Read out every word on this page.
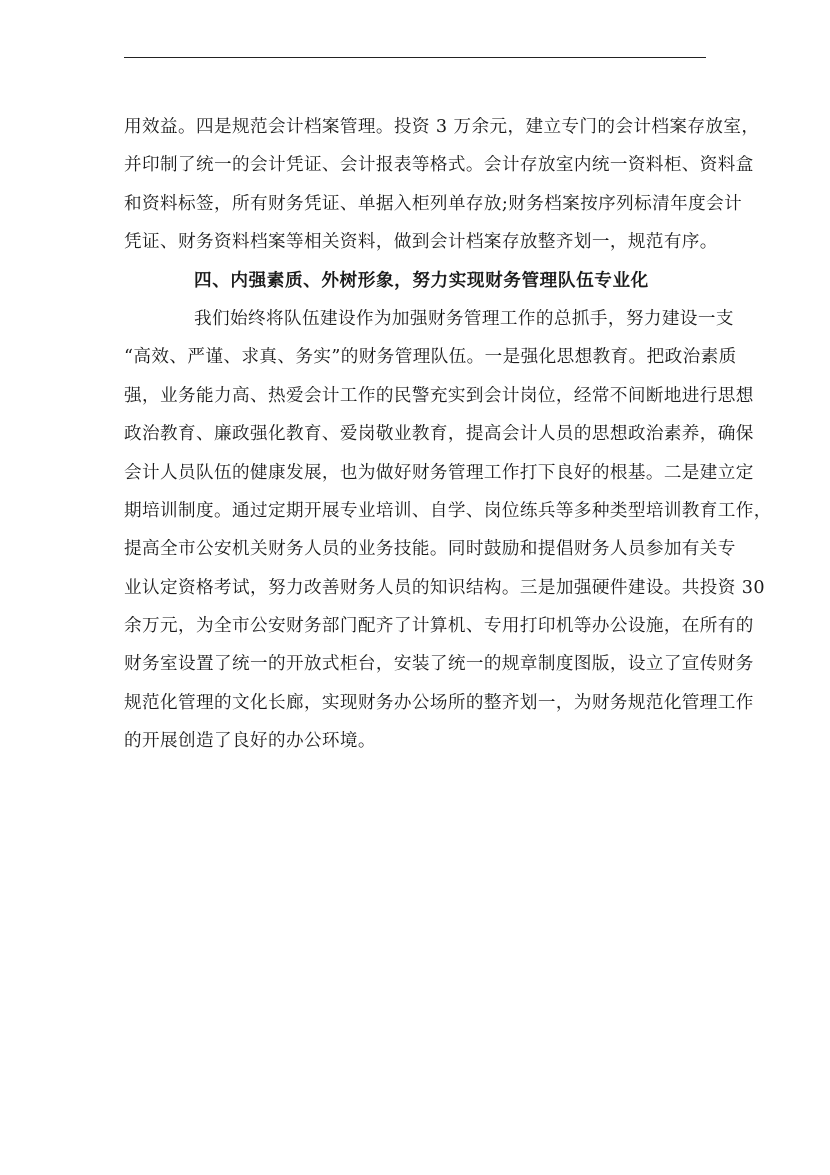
用效益。四是规范会计档案管理。投资 3 万余元，建立专门的会计档案存放室，
并印制了统一的会计凭证、会计报表等格式。会计存放室内统一资料柜、资料盒
和资料标签，所有财务凭证、单据入柜列单存放;财务档案按序列标清年度会计
凭证、财务资料档案等相关资料，做到会计档案存放整齐划一，规范有序。
四、内强素质、外树形象，努力实现财务管理队伍专业化
我们始终将队伍建设作为加强财务管理工作的总抓手，努力建设一支
“高效、严谨、求真、务实”的财务管理队伍。一是强化思想教育。把政治素质
强，业务能力高、热爱会计工作的民警充实到会计岗位，经常不间断地进行思想
政治教育、廉政强化教育、爱岗敬业教育，提高会计人员的思想政治素养，确保
会计人员队伍的健康发展，也为做好财务管理工作打下良好的根基。二是建立定
期培训制度。通过定期开展专业培训、自学、岗位练兵等多种类型培训教育工作，
提高全市公安机关财务人员的业务技能。同时鼓励和提倡财务人员参加有关专
业认定资格考试，努力改善财务人员的知识结构。三是加强硬件建设。共投资 30
余万元，为全市公安财务部门配齐了计算机、专用打印机等办公设施，在所有的
财务室设置了统一的开放式柜台，安装了统一的规章制度图版，设立了宣传财务
规范化管理的文化长廊，实现财务办公场所的整齐划一，为财务规范化管理工作
的开展创造了良好的办公环境。
